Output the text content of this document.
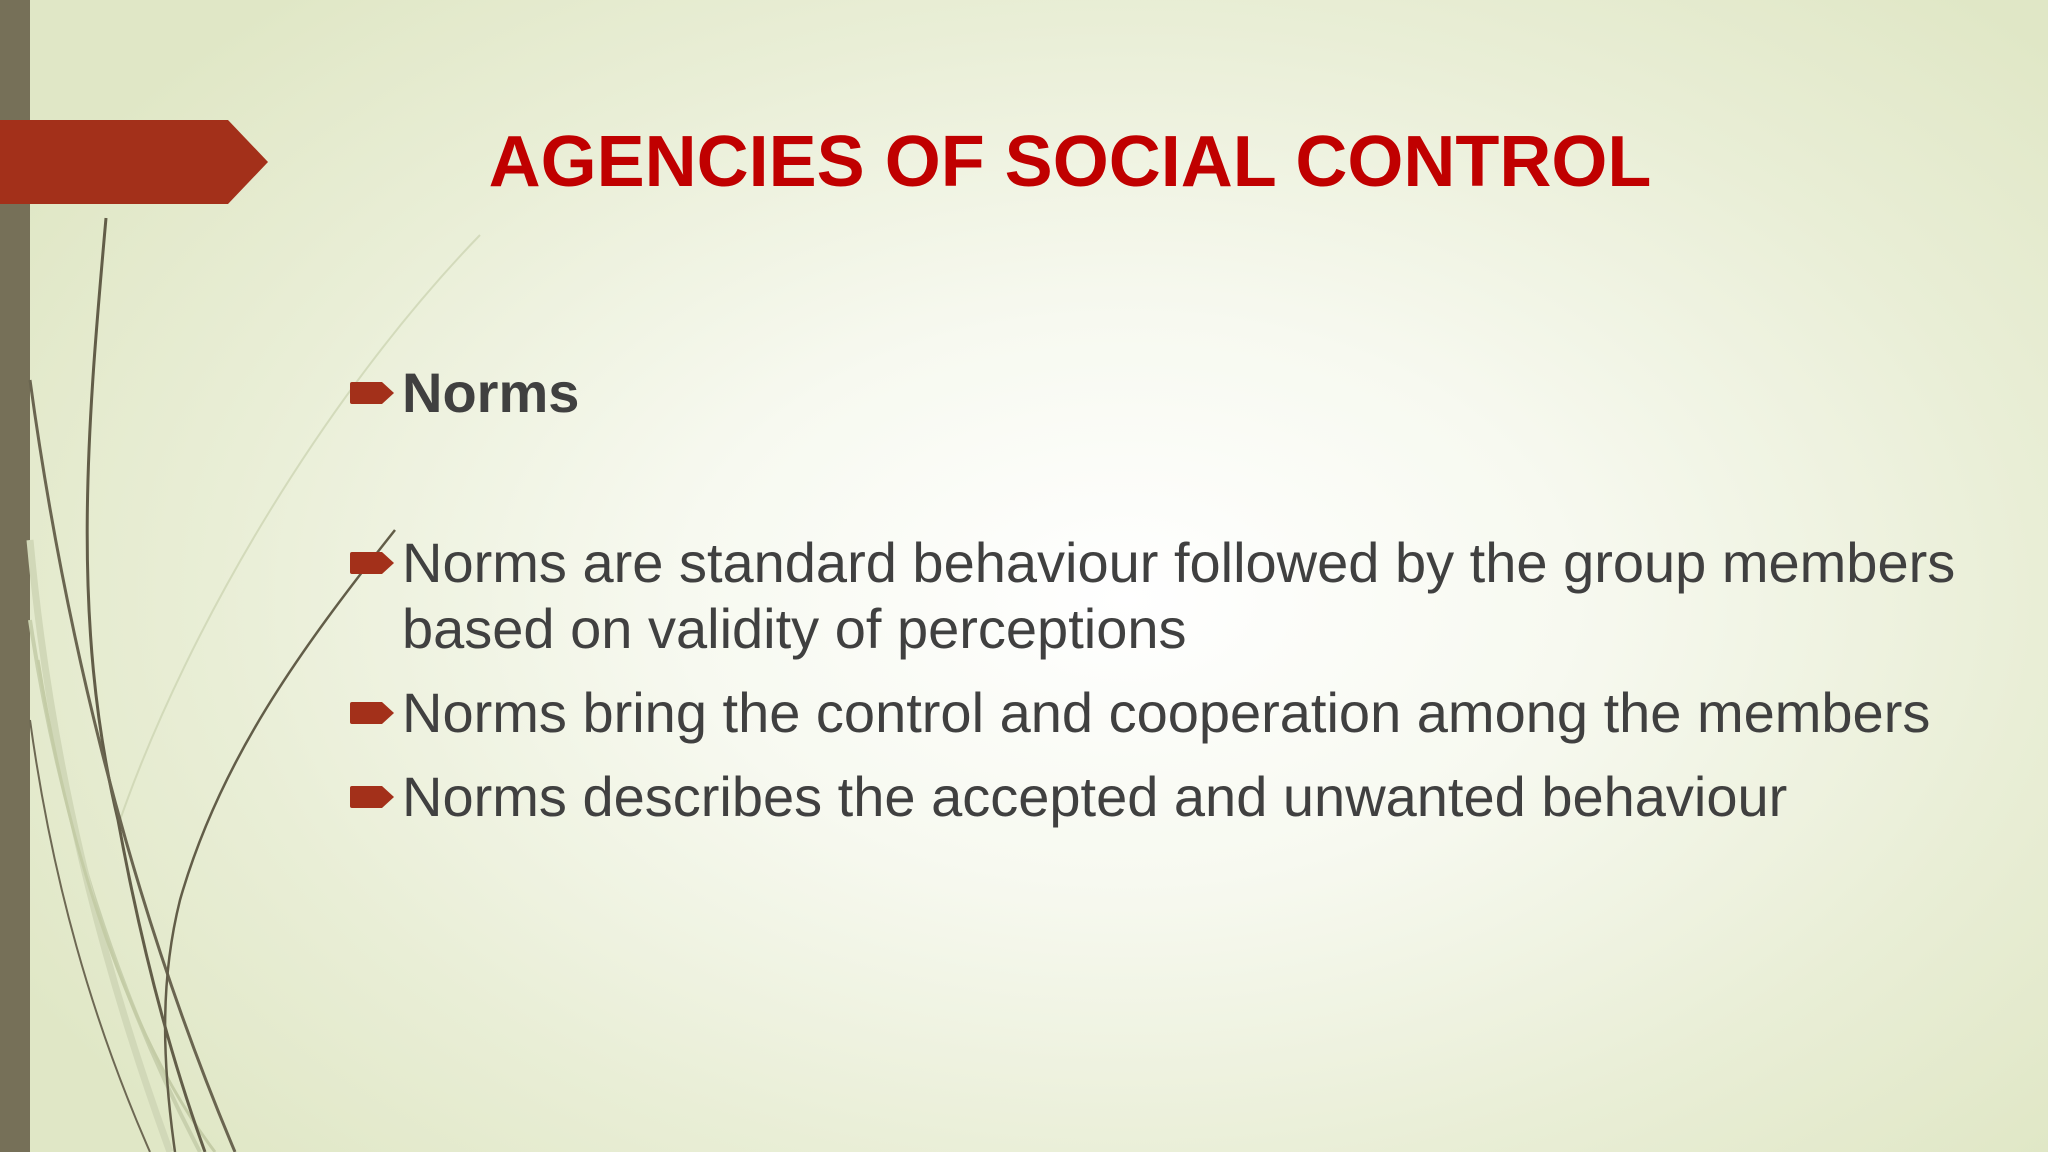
AGENCIES OF SOCIAL CONTROL
Norms
Norms are standard behaviour followed by the group members based on validity of perceptions
Norms bring the control and cooperation among the members
Norms describes the accepted and unwanted behaviour
